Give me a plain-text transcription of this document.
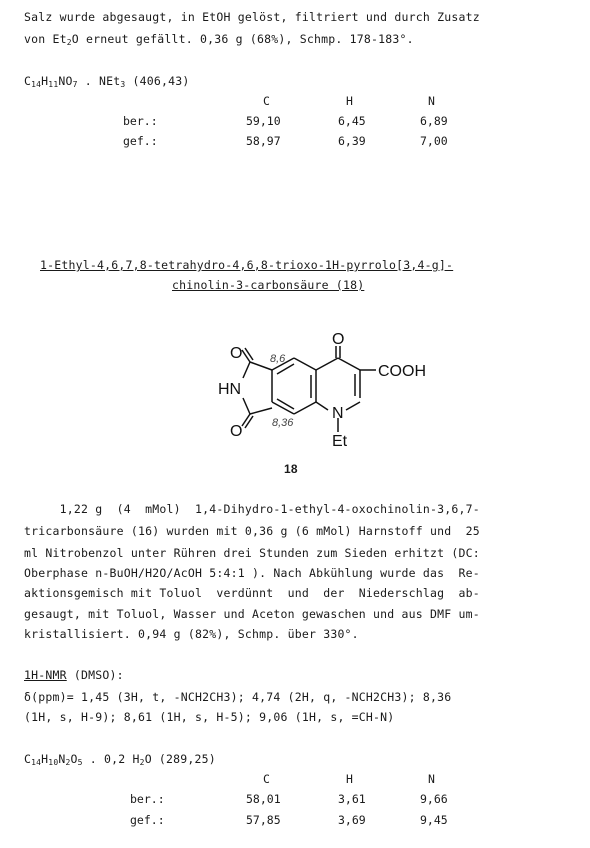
Salz wurde abgesaugt, in EtOH gelöst, filtriert und durch Zusatz
von $Et_2O$ erneut gefällt. 0,36 g (68%), Schmp. 178-183°.
$C_{14}H_{11}NO_7$ . NEt$_3$ (406,43)
C	H	N
ber.:	59,10	6,45	6,89
gef.:	58,97	6,39	7,00
1-Ethyl-4,6,7,8-tetrahydro-4,6,8-trioxo-1H-pyrrolo[3,4-g]-
chinolin-3-carbonsäure (18)
O
HN
O
O
COOH
N
Et
8,6
8,36
18
1,22 g  (4  mMol)  1,4-Dihydro-1-ethyl-4-oxochinolin-3,6,7-
tricarbonsäure (16) wurden mit 0,36 g (6 mMol) Harnstoff und  25
ml Nitrobenzol unter Rühren drei Stunden zum Sieden erhitzt (DC:
Oberphase n-BuOH/H2O/AcOH 5:4:1 ). Nach Abkühlung wurde das  Re-
aktionsgemisch mit Toluol  verdünnt  und  der  Niederschlag  ab-
gesaugt, mit Toluol, Wasser und Aceton gewaschen und aus DMF um-
kristallisiert. 0,94 g (82%), Schmp. über 330°.
1H-NMR (DMSO):
δ(ppm)= 1,45 (3H, t, -NCH2CH3); 4,74 (2H, q, -NCH2CH3); 8,36
(1H, s, H-9); 8,61 (1H, s, H-5); 9,06 (1H, s, =CH-N)
$C_{14}H_{10}N_2O_5$ . 0,2 $H_2O$ (289,25)
C	H	N
ber.:	58,01	3,61	9,66
gef.:	57,85	3,69	9,45
